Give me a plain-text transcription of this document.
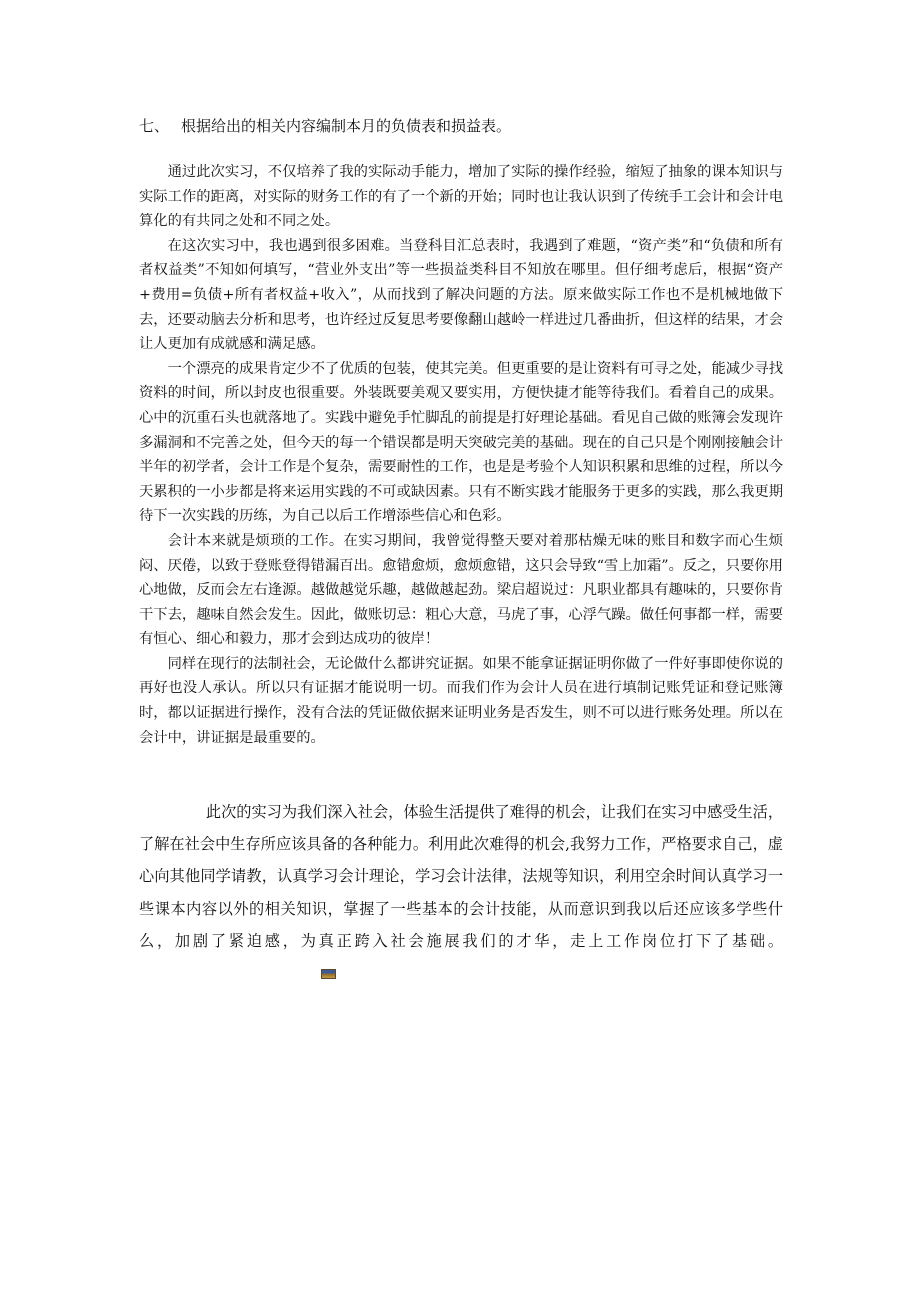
七、 根据给出的相关内容编制本月的负债表和损益表。

通过此次实习，不仅培养了我的实际动手能力，增加了实际的操作经验，缩短了抽象的课本知识与实际工作的距离，对实际的财务工作的有了一个新的开始；同时也让我认识到了传统手工会计和会计电算化的有共同之处和不同之处。

在这次实习中，我也遇到很多困难。当登科目汇总表时，我遇到了难题，“资产类”和“负债和所有者权益类”不知如何填写，“营业外支出”等一些损益类科目不知放在哪里。但仔细考虑后，根据“资产+费用=负债+所有者权益+收入”，从而找到了解决问题的方法。原来做实际工作也不是机械地做下去，还要动脑去分析和思考，也许经过反复思考要像翻山越岭一样进过几番曲折，但这样的结果，才会让人更加有成就感和满足感。

一个漂亮的成果肯定少不了优质的包装，使其完美。但更重要的是让资料有可寻之处，能减少寻找资料的时间，所以封皮也很重要。外装既要美观又要实用，方便快捷才能等待我们。看着自己的成果。心中的沉重石头也就落地了。实践中避免手忙脚乱的前提是打好理论基础。看见自己做的账簿会发现许多漏洞和不完善之处，但今天的每一个错误都是明天突破完美的基础。现在的自己只是个刚刚接触会计半年的初学者，会计工作是个复杂，需要耐性的工作，也是是考验个人知识积累和思维的过程，所以今天累积的一小步都是将来运用实践的不可或缺因素。只有不断实践才能服务于更多的实践，那么我更期待下一次实践的历练，为自己以后工作增添些信心和色彩。

会计本来就是烦琐的工作。在实习期间，我曾觉得整天要对着那枯燥无味的账目和数字而心生烦闷、厌倦，以致于登账登得错漏百出。愈错愈烦，愈烦愈错，这只会导致“雪上加霜”。反之，只要你用心地做，反而会左右逢源。越做越觉乐趣，越做越起劲。梁启超说过：凡职业都具有趣味的，只要你肯干下去，趣味自然会发生。因此，做账切忌：粗心大意，马虎了事，心浮气躁。做任何事都一样，需要有恒心、细心和毅力，那才会到达成功的彼岸！

同样在现行的法制社会，无论做什么都讲究证据。如果不能拿证据证明你做了一件好事即使你说的再好也没人承认。所以只有证据才能说明一切。而我们作为会计人员在进行填制记账凭证和登记账簿时，都以证据进行操作，没有合法的凭证做依据来证明业务是否发生，则不可以进行账务处理。所以在会计中，讲证据是最重要的。

此次的实习为我们深入社会，体验生活提供了难得的机会，让我们在实习中感受生活，了解在社会中生存所应该具备的各种能力。利用此次难得的机会,我努力工作，严格要求自己，虚心向其他同学请教，认真学习会计理论，学习会计法律，法规等知识，利用空余时间认真学习一些课本内容以外的相关知识，掌握了一些基本的会计技能，从而意识到我以后还应该多学些什么，加剧了紧迫感，为真正跨入社会施展我们的才华，走上工作岗位打下了基础。
